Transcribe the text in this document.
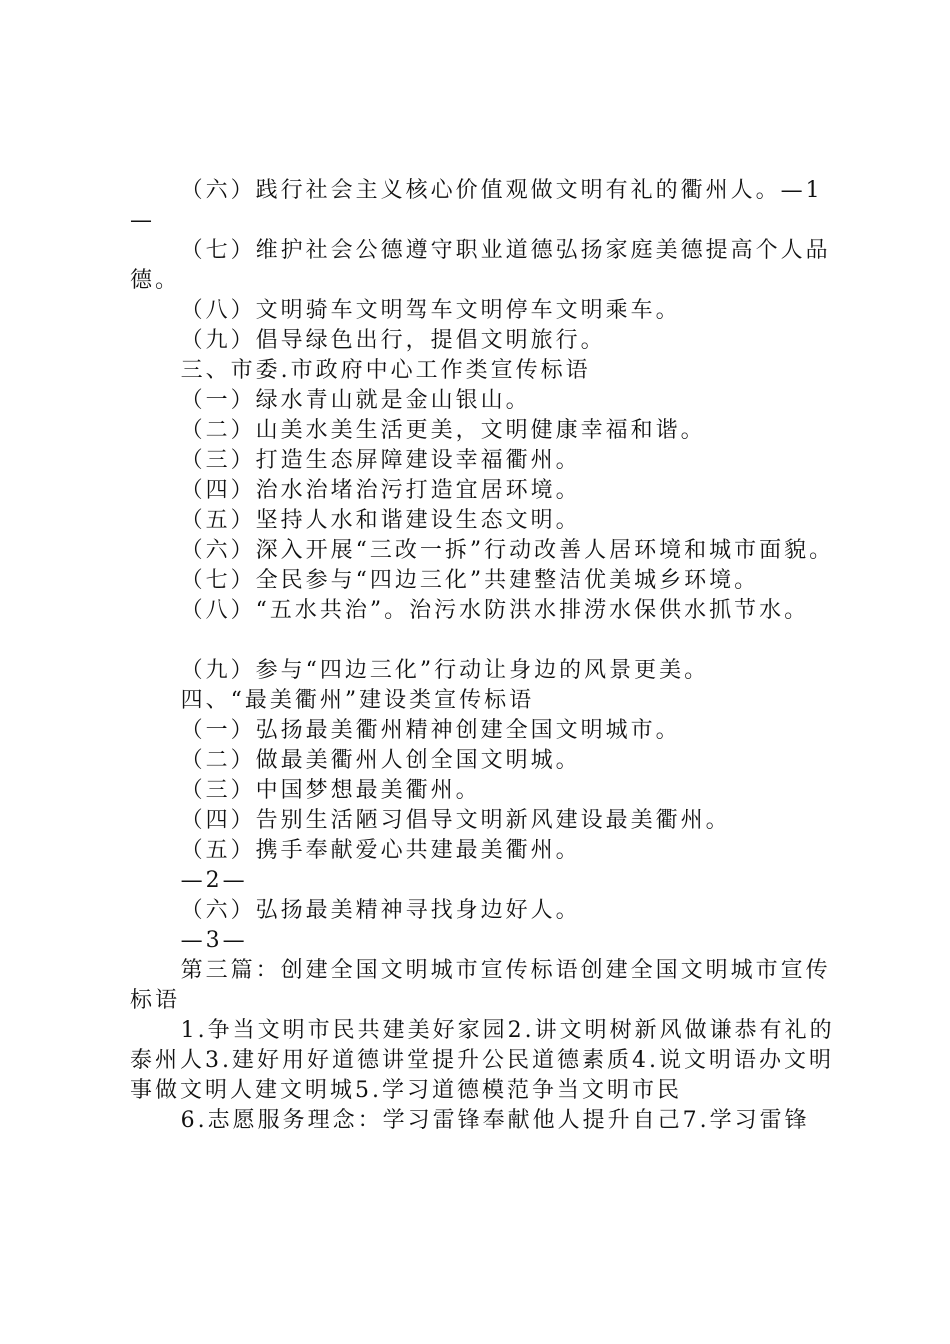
（六）践行社会主义核心价值观做文明有礼的衢州人。—1—

（七）维护社会公德遵守职业道德弘扬家庭美德提高个人品德。

（八）文明骑车文明驾车文明停车文明乘车。

（九）倡导绿色出行，提倡文明旅行。

三、市委.市政府中心工作类宣传标语

（一）绿水青山就是金山银山。

（二）山美水美生活更美，文明健康幸福和谐。

（三）打造生态屏障建设幸福衢州。

（四）治水治堵治污打造宜居环境。

（五）坚持人水和谐建设生态文明。

（六）深入开展“三改一拆”行动改善人居环境和城市面貌。

（七）全民参与“四边三化”共建整洁优美城乡环境。

（八）“五水共治”。治污水防洪水排涝水保供水抓节水。

（九）参与“四边三化”行动让身边的风景更美。

四、“最美衢州”建设类宣传标语

（一）弘扬最美衢州精神创建全国文明城市。

（二）做最美衢州人创全国文明城。

（三）中国梦想最美衢州。

（四）告别生活陋习倡导文明新风建设最美衢州。

（五）携手奉献爱心共建最美衢州。

—2—

（六）弘扬最美精神寻找身边好人。

—3—

第三篇：创建全国文明城市宣传标语创建全国文明城市宣传标语

1.争当文明市民共建美好家园2.讲文明树新风做谦恭有礼的泰州人3.建好用好道德讲堂提升公民道德素质4.说文明语办文明事做文明人建文明城5.学习道德模范争当文明市民

6.志愿服务理念：学习雷锋奉献他人提升自己7.学习雷锋
